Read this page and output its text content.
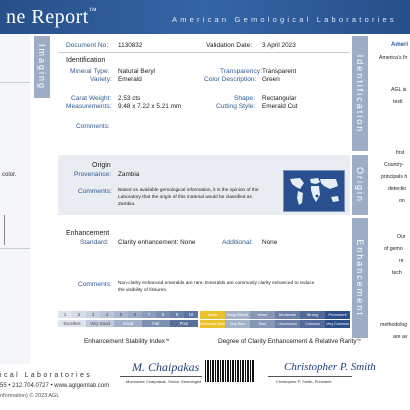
ne Report™
American Gemological Laboratories
color.
Imaging	Document No: 1130832	Validation Date: 3 April 2023
Identification
Mineral Type: Natural Beryl	Transparency: Transparent
Variety: Emerald	Color Description: Green
Carat Weight: 2.53 cts	Shape: Rectangular
Measurements: 9.48 x 7.22 x 5.21 mm	Cutting Style: Emerald Cut
Comments:	Identification
Origin
Provenance: Zambia
Comments: Based on available gemological information, it is the opinion of the
Laboratory that the origin of this material would be classified as
Zambia.
Origin
Enhancement
Standard: Clarity enhancement: None	Additional: None
Comments: Non-clarity enhanced emeralds are rare. Emeralds are commonly clarity enhanced to reduce
the visibility of fissures.
1	2	3	4	5	6	7	8	9	10
Excellent	Very Good	Good	Fair	Poor
None	Insignificant	Minor	Moderate	Strong	Prominent
Extremely Rare	Very Rare	Rare	Uncommon	Common	Very Common
Enhancement Stability Index™	Degree of Clarity Enhancement & Relative Rarity™
Enhancement
Ameri
America's fir
AGL is
testi
first
Country-
principals h
detectio
on
Our
of gemo
re
tech
methodolog
are av
ical Laboratories
55 • 212.704.0727 • www.aglgemlab.com
nformation) © 2023 AGL
M. Chaipakas
Monnadee Chaipaikas, Senior Gemologist
Christopher P. Smith
Christopher P. Smith, President
